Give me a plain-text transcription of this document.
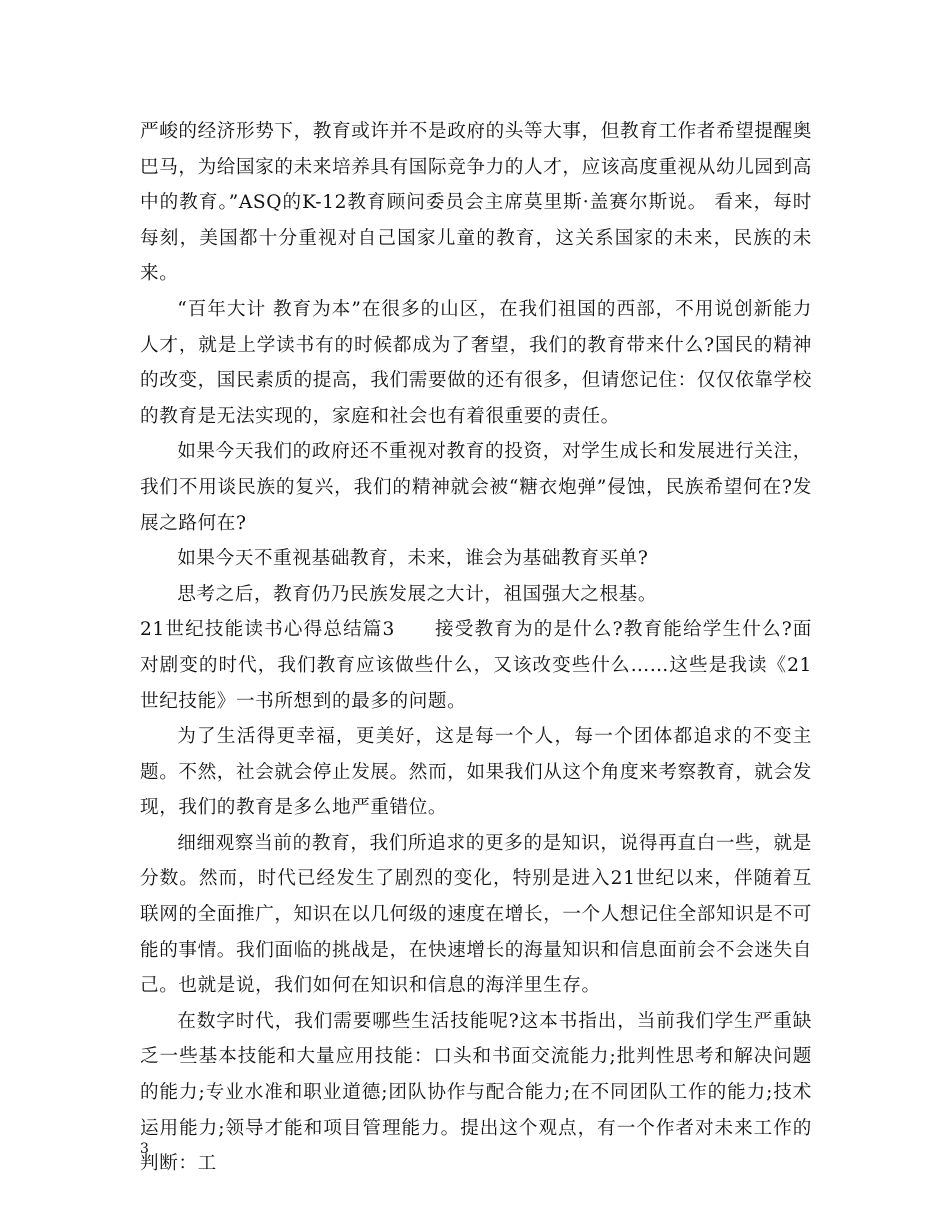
严峻的经济形势下，教育或许并不是政府的头等大事，但教育工作者希望提醒奥巴马，为给国家的未来培养具有国际竞争力的人才，应该高度重视从幼儿园到高中的教育。”ASQ的K-12教育顾问委员会主席莫里斯·盖赛尔斯说。 看来，每时每刻，美国都十分重视对自己国家儿童的教育，这关系国家的未来，民族的未来。

“百年大计 教育为本”在很多的山区，在我们祖国的西部，不用说创新能力人才，就是上学读书有的时候都成为了奢望，我们的教育带来什么?国民的精神的改变，国民素质的提高，我们需要做的还有很多，但请您记住：仅仅依靠学校的教育是无法实现的，家庭和社会也有着很重要的责任。

如果今天我们的政府还不重视对教育的投资，对学生成长和发展进行关注，我们不用谈民族的复兴，我们的精神就会被“糖衣炮弹”侵蚀，民族希望何在?发展之路何在?

如果今天不重视基础教育，未来，谁会为基础教育买单?

思考之后，教育仍乃民族发展之大计，祖国强大之根基。

21世纪技能读书心得总结篇3　　接受教育为的是什么?教育能给学生什么?面对剧变的时代，我们教育应该做些什么，又该改变些什么……这些是我读《21世纪技能》一书所想到的最多的问题。

为了生活得更幸福，更美好，这是每一个人，每一个团体都追求的不变主题。不然，社会就会停止发展。然而，如果我们从这个角度来考察教育，就会发现，我们的教育是多么地严重错位。

细细观察当前的教育，我们所追求的更多的是知识，说得再直白一些，就是分数。然而，时代已经发生了剧烈的变化，特别是进入21世纪以来，伴随着互联网的全面推广，知识在以几何级的速度在增长，一个人想记住全部知识是不可能的事情。我们面临的挑战是，在快速增长的海量知识和信息面前会不会迷失自己。也就是说，我们如何在知识和信息的海洋里生存。

在数字时代，我们需要哪些生活技能呢?这本书指出，当前我们学生严重缺乏一些基本技能和大量应用技能：口头和书面交流能力;批判性思考和解决问题的能力;专业水准和职业道德;团队协作与配合能力;在不同团队工作的能力;技术运用能力;领导才能和项目管理能力。提出这个观点，有一个作者对未来工作的判断：工

3
